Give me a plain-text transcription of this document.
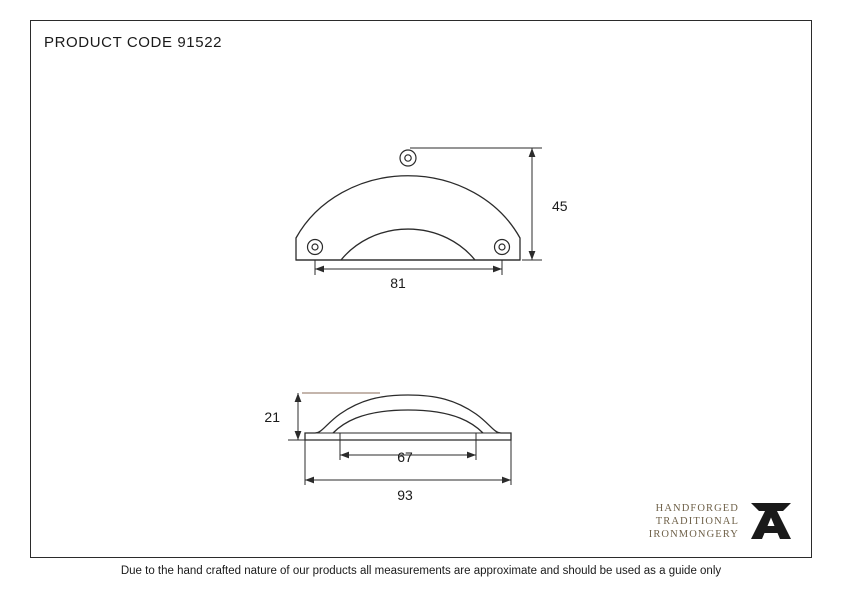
PRODUCT CODE 91522
45
81
21
67
93
HANDFORGED
TRADITIONAL
IRONMONGERY
Due to the hand crafted nature of our products all measurements are approximate and should be used as a guide only
